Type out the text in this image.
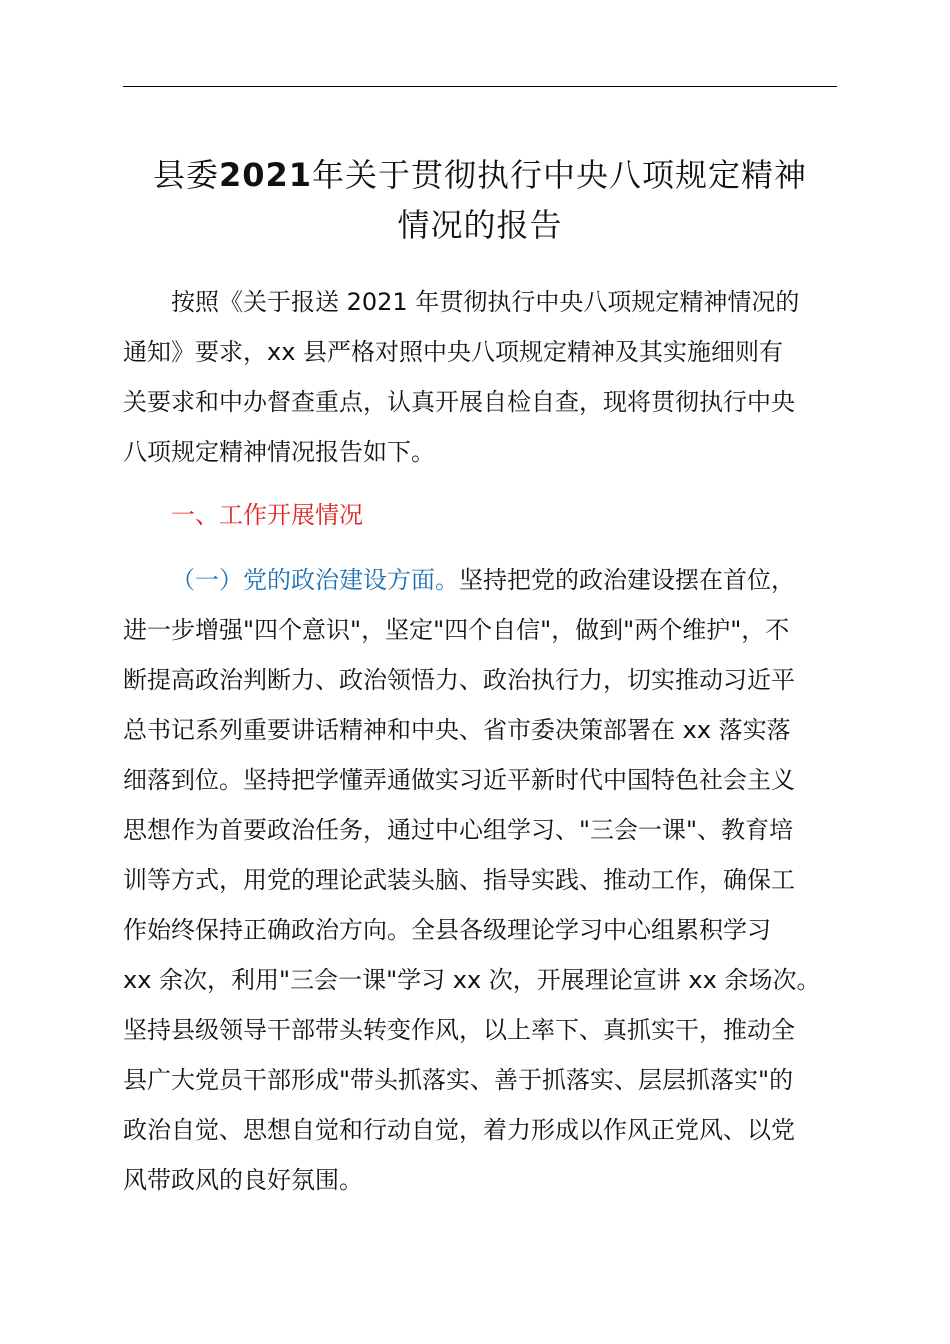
县委2021年关于贯彻执行中央八项规定精神
情况的报告
按照《关于报送 2021 年贯彻执行中央八项规定精神情况的
通知》要求，xx 县严格对照中央八项规定精神及其实施细则有
关要求和中办督查重点，认真开展自检自查，现将贯彻执行中央
八项规定精神情况报告如下。
一、工作开展情况
（一）党的政治建设方面。坚持把党的政治建设摆在首位，
进一步增强"四个意识"，坚定"四个自信"，做到"两个维护"，不
断提高政治判断力、政治领悟力、政治执行力，切实推动习近平
总书记系列重要讲话精神和中央、省市委决策部署在 xx 落实落
细落到位。坚持把学懂弄通做实习近平新时代中国特色社会主义
思想作为首要政治任务，通过中心组学习、"三会一课"、教育培
训等方式，用党的理论武装头脑、指导实践、推动工作，确保工
作始终保持正确政治方向。全县各级理论学习中心组累积学习
xx 余次，利用"三会一课"学习 xx 次，开展理论宣讲 xx 余场次。
坚持县级领导干部带头转变作风，以上率下、真抓实干，推动全
县广大党员干部形成"带头抓落实、善于抓落实、层层抓落实"的
政治自觉、思想自觉和行动自觉，着力形成以作风正党风、以党
风带政风的良好氛围。
